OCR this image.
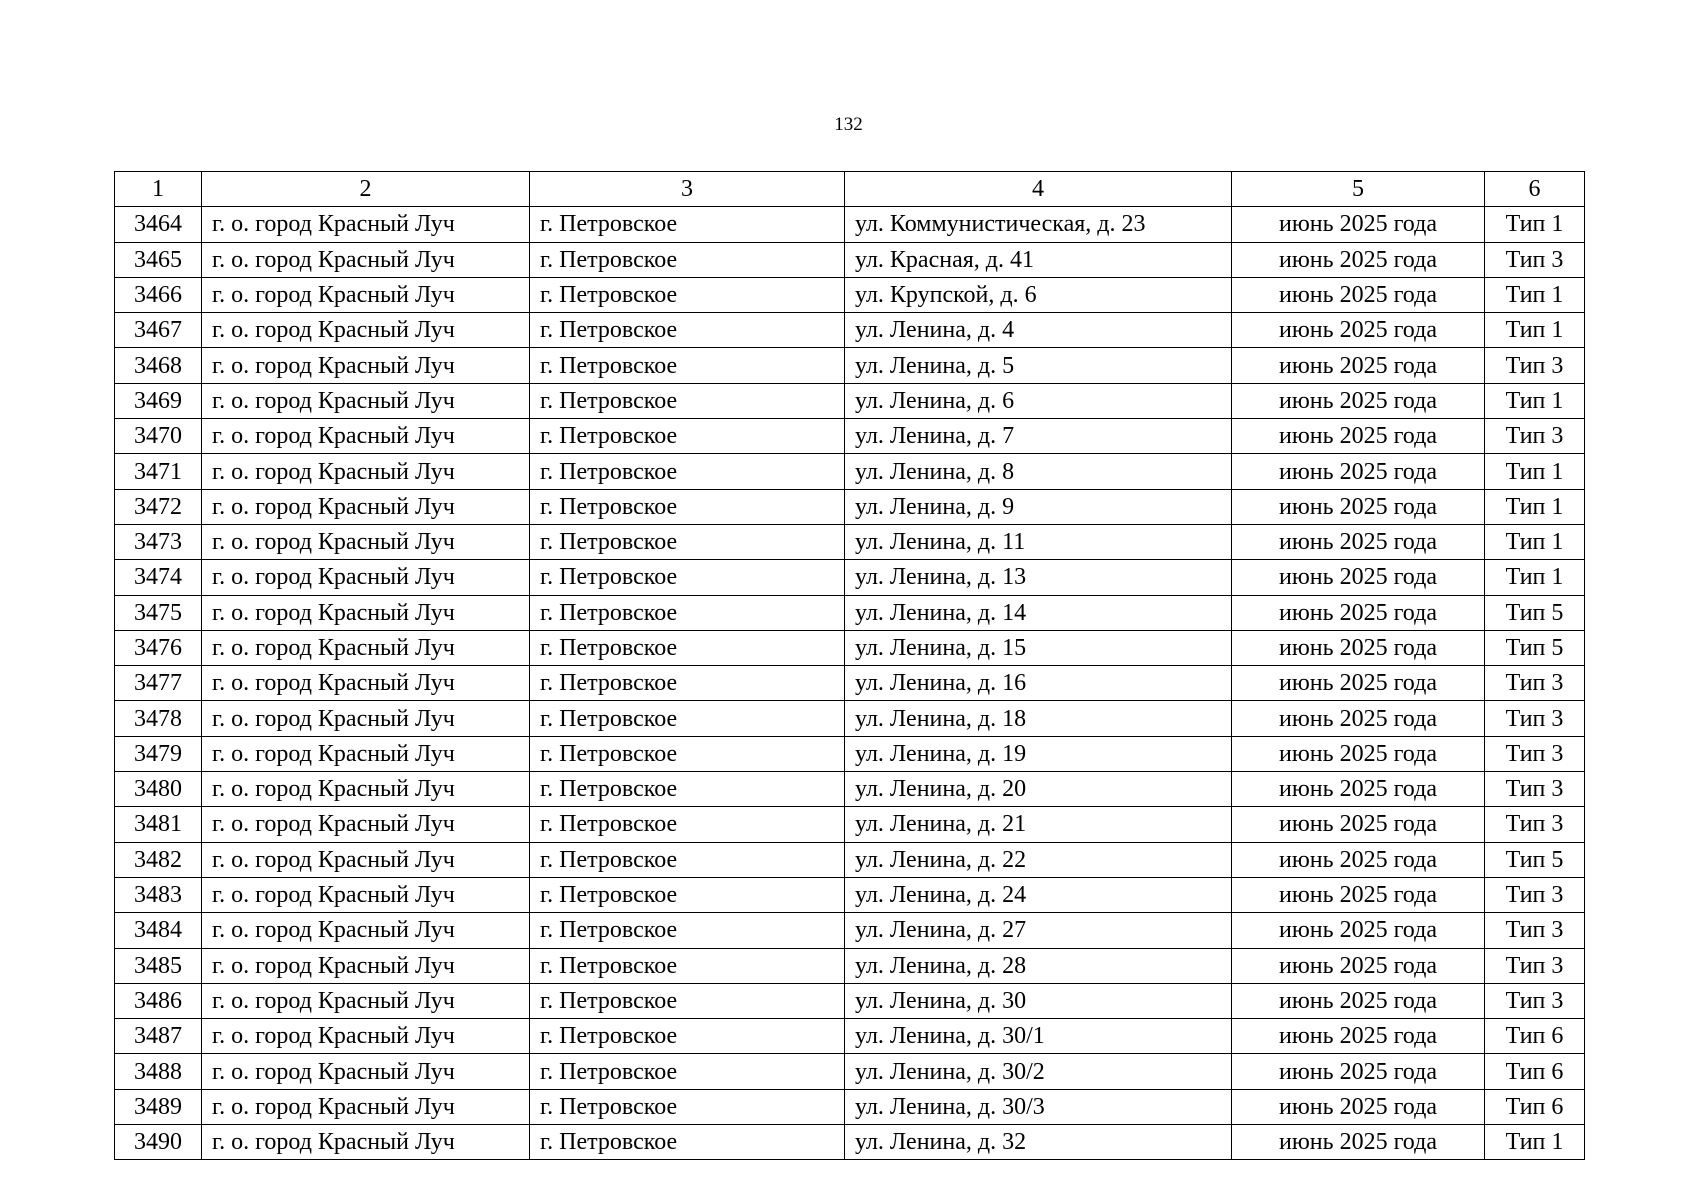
132
1	2	3	4	5	6
3464	г. о. город Красный Луч	г. Петровское	ул. Коммунистическая, д. 23	июнь 2025 года	Тип 1
3465	г. о. город Красный Луч	г. Петровское	ул. Красная, д. 41	июнь 2025 года	Тип 3
3466	г. о. город Красный Луч	г. Петровское	ул. Крупской, д. 6	июнь 2025 года	Тип 1
3467	г. о. город Красный Луч	г. Петровское	ул. Ленина, д. 4	июнь 2025 года	Тип 1
3468	г. о. город Красный Луч	г. Петровское	ул. Ленина, д. 5	июнь 2025 года	Тип 3
3469	г. о. город Красный Луч	г. Петровское	ул. Ленина, д. 6	июнь 2025 года	Тип 1
3470	г. о. город Красный Луч	г. Петровское	ул. Ленина, д. 7	июнь 2025 года	Тип 3
3471	г. о. город Красный Луч	г. Петровское	ул. Ленина, д. 8	июнь 2025 года	Тип 1
3472	г. о. город Красный Луч	г. Петровское	ул. Ленина, д. 9	июнь 2025 года	Тип 1
3473	г. о. город Красный Луч	г. Петровское	ул. Ленина, д. 11	июнь 2025 года	Тип 1
3474	г. о. город Красный Луч	г. Петровское	ул. Ленина, д. 13	июнь 2025 года	Тип 1
3475	г. о. город Красный Луч	г. Петровское	ул. Ленина, д. 14	июнь 2025 года	Тип 5
3476	г. о. город Красный Луч	г. Петровское	ул. Ленина, д. 15	июнь 2025 года	Тип 5
3477	г. о. город Красный Луч	г. Петровское	ул. Ленина, д. 16	июнь 2025 года	Тип 3
3478	г. о. город Красный Луч	г. Петровское	ул. Ленина, д. 18	июнь 2025 года	Тип 3
3479	г. о. город Красный Луч	г. Петровское	ул. Ленина, д. 19	июнь 2025 года	Тип 3
3480	г. о. город Красный Луч	г. Петровское	ул. Ленина, д. 20	июнь 2025 года	Тип 3
3481	г. о. город Красный Луч	г. Петровское	ул. Ленина, д. 21	июнь 2025 года	Тип 3
3482	г. о. город Красный Луч	г. Петровское	ул. Ленина, д. 22	июнь 2025 года	Тип 5
3483	г. о. город Красный Луч	г. Петровское	ул. Ленина, д. 24	июнь 2025 года	Тип 3
3484	г. о. город Красный Луч	г. Петровское	ул. Ленина, д. 27	июнь 2025 года	Тип 3
3485	г. о. город Красный Луч	г. Петровское	ул. Ленина, д. 28	июнь 2025 года	Тип 3
3486	г. о. город Красный Луч	г. Петровское	ул. Ленина, д. 30	июнь 2025 года	Тип 3
3487	г. о. город Красный Луч	г. Петровское	ул. Ленина, д. 30/1	июнь 2025 года	Тип 6
3488	г. о. город Красный Луч	г. Петровское	ул. Ленина, д. 30/2	июнь 2025 года	Тип 6
3489	г. о. город Красный Луч	г. Петровское	ул. Ленина, д. 30/3	июнь 2025 года	Тип 6
3490	г. о. город Красный Луч	г. Петровское	ул. Ленина, д. 32	июнь 2025 года	Тип 1
